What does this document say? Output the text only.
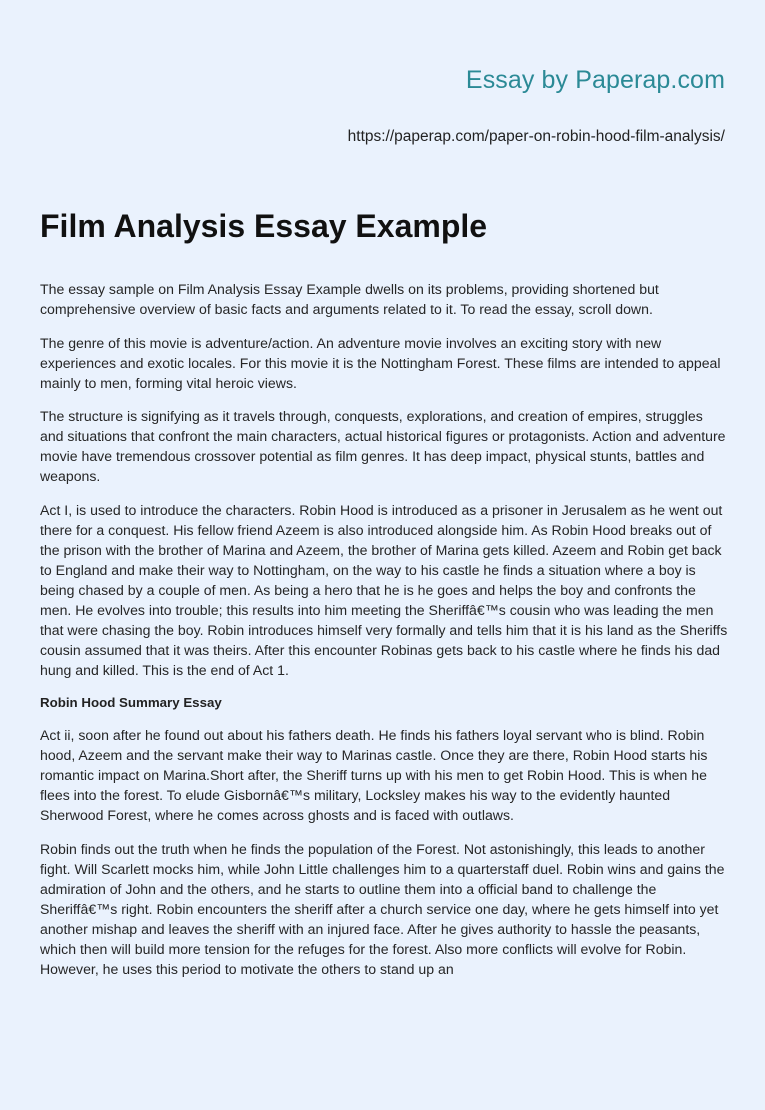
Essay by Paperap.com
https://paperap.com/paper-on-robin-hood-film-analysis/
Film Analysis Essay Example

The essay sample on Film Analysis Essay Example dwells on its problems, providing shortened but comprehensive overview of basic facts and arguments related to it. To read the essay, scroll down.

The genre of this movie is adventure/action. An adventure movie involves an exciting story with new experiences and exotic locales. For this movie it is the Nottingham Forest. These films are intended to appeal mainly to men, forming vital heroic views.

The structure is signifying as it travels through, conquests, explorations, and creation of empires, struggles and situations that confront the main characters, actual historical figures or protagonists. Action and adventure movie have tremendous crossover potential as film genres. It has deep impact, physical stunts, battles and weapons.

Act I, is used to introduce the characters. Robin Hood is introduced as a prisoner in Jerusalem as he went out there for a conquest. His fellow friend Azeem is also introduced alongside him. As Robin Hood breaks out of the prison with the brother of Marina and Azeem, the brother of Marina gets killed. Azeem and Robin get back to England and make their way to Nottingham, on the way to his castle he finds a situation where a boy is being chased by a couple of men. As being a hero that he is he goes and helps the boy and confronts the men. He evolves into trouble; this results into him meeting the Sheriffâ€™s cousin who was leading the men that were chasing the boy. Robin introduces himself very formally and tells him that it is his land as the Sheriffs cousin assumed that it was theirs. After this encounter Robinas gets back to his castle where he finds his dad hung and killed. This is the end of Act 1.

Robin Hood Summary Essay

Act ii, soon after he found out about his fathers death. He finds his fathers loyal servant who is blind. Robin hood, Azeem and the servant make their way to Marinas castle. Once they are there, Robin Hood starts his romantic impact on Marina.Short after, the Sheriff turns up with his men to get Robin Hood. This is when he flees into the forest. To elude Gisbornâ€™s military, Locksley makes his way to the evidently haunted Sherwood Forest, where he comes across ghosts and is faced with outlaws.

Robin finds out the truth when he finds the population of the Forest. Not astonishingly, this leads to another fight. Will Scarlett mocks him, while John Little challenges him to a quarterstaff duel. Robin wins and gains the admiration of John and the others, and he starts to outline them into a official band to challenge the Sheriffâ€™s right. Robin encounters the sheriff after a church service one day, where he gets himself into yet another mishap and leaves the sheriff with an injured face. After he gives authority to hassle the peasants, which then will build more tension for the refuges for the forest. Also more conflicts will evolve for Robin. However, he uses this period to motivate the others to stand up an
